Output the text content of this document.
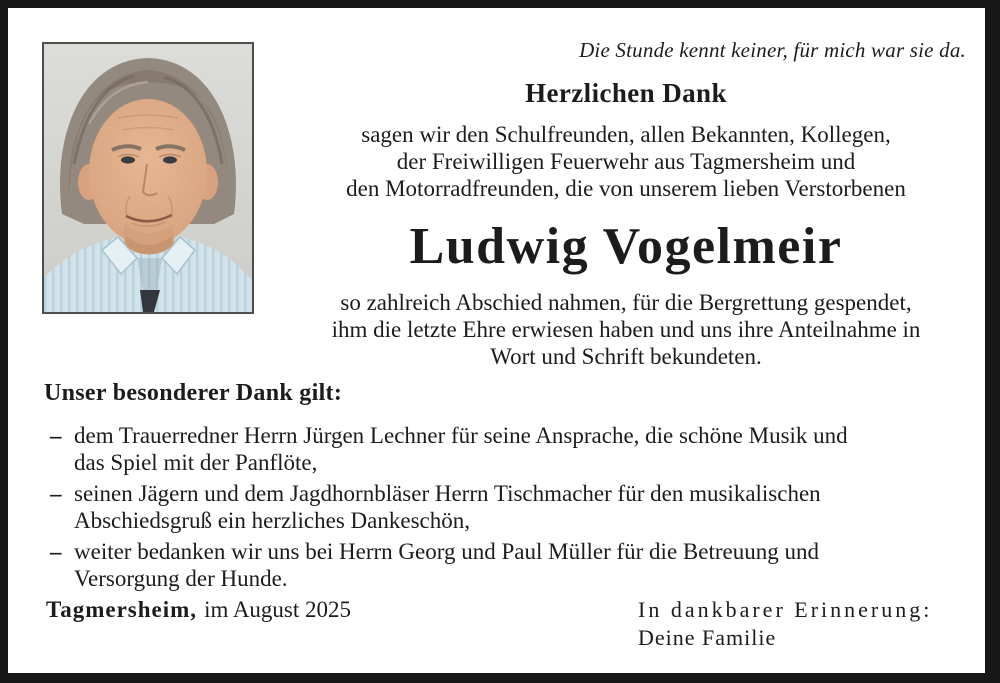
Die Stunde kennt keiner, für mich war sie da.
Herzlichen Dank
sagen wir den Schulfreunden, allen Bekannten, Kollegen,
der Freiwilligen Feuerwehr aus Tagmersheim und
den Motorradfreunden, die von unserem lieben Verstorbenen
Ludwig Vogelmeir
so zahlreich Abschied nahmen, für die Bergrettung gespendet,
ihm die letzte Ehre erwiesen haben und uns ihre Anteilnahme in
Wort und Schrift bekundeten.
Unser besonderer Dank gilt:
– dem Trauerredner Herrn Jürgen Lechner für seine Ansprache, die schöne Musik und
das Spiel mit der Panflöte,
– seinen Jägern und dem Jagdhornbläser Herrn Tischmacher für den musikalischen
Abschiedsgruß ein herzliches Dankeschön,
– weiter bedanken wir uns bei Herrn Georg und Paul Müller für die Betreuung und
Versorgung der Hunde.
Tagmersheim, im August 2025	In dankbarer Erinnerung:
Deine Familie
